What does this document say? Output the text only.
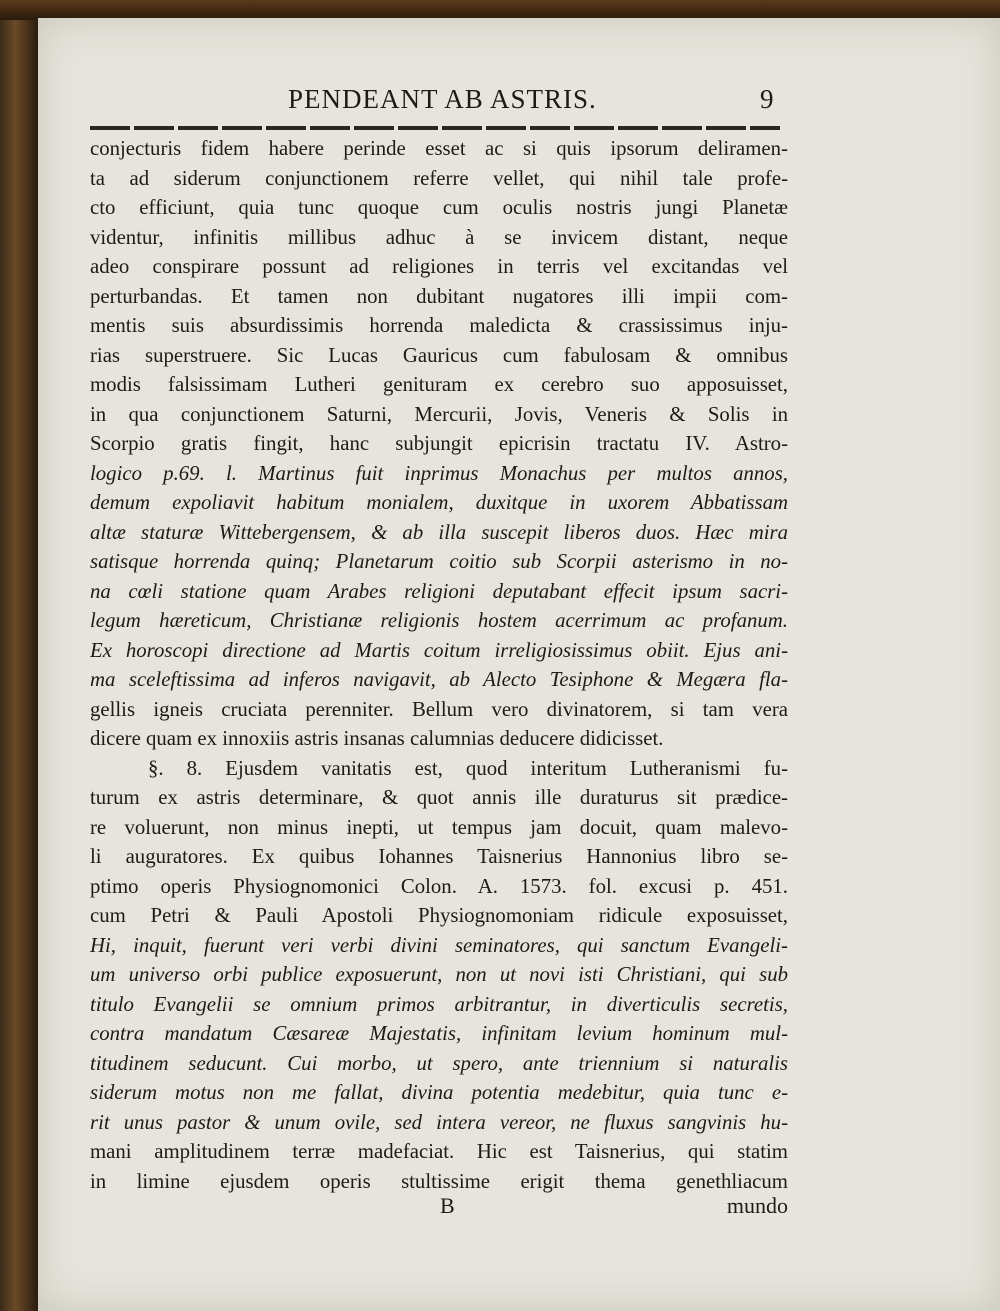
PENDEANT AB ASTRIS.	9
conjecturis fidem habere perinde esset ac si quis ipsorum deliramen-
ta ad siderum conjunctionem referre vellet, qui nihil tale profe-
cto efficiunt, quia tunc quoque cum oculis nostris jungi Planetæ
videntur, infinitis millibus adhuc à se invicem distant, neque
adeo conspirare possunt ad religiones in terris vel excitandas vel
perturbandas. Et tamen non dubitant nugatores illi impii com-
mentis suis absurdissimis horrenda maledicta & crassissimus inju-
rias superstruere. Sic Lucas Gauricus cum fabulosam & omnibus
modis falsissimam Lutheri genituram ex cerebro suo apposuisset,
in qua conjunctionem Saturni, Mercurii, Jovis, Veneris & Solis in
Scorpio gratis fingit, hanc subjungit epicrisin tractatu IV. Astro-
logico p.69. l. Martinus fuit inprimus Monachus per multos annos,
demum expoliavit habitum monialem, duxitque in uxorem Abbatissam
altæ staturæ Wittebergensem, & ab illa suscepit liberos duos. Hæc mira
satisque horrenda quinq; Planetarum coitio sub Scorpii asterismo in no-
na cœli statione quam Arabes religioni deputabant effecit ipsum sacri-
legum hæreticum, Christianæ religionis hostem acerrimum ac profanum.
Ex horoscopi directione ad Martis coitum irreligiosissimus obiit. Ejus ani-
ma sceleftissima ad inferos navigavit, ab Alecto Tesiphone & Megæra fla-
gellis igneis cruciata perenniter. Bellum vero divinatorem, si tam vera
dicere quam ex innoxiis astris insanas calumnias deducere didicisset.
§. 8. Ejusdem vanitatis est, quod interitum Lutheranismi fu-
turum ex astris determinare, & quot annis ille duraturus sit prædice-
re voluerunt, non minus inepti, ut tempus jam docuit, quam malevo-
li auguratores. Ex quibus Iohannes Taisnerius Hannonius libro se-
ptimo operis Physiognomonici Colon. A. 1573. fol. excusi p. 451.
cum Petri & Pauli Apostoli Physiognomoniam ridicule exposuisset,
Hi, inquit, fuerunt veri verbi divini seminatores, qui sanctum Evangeli-
um universo orbi publice exposuerunt, non ut novi isti Christiani, qui sub
titulo Evangelii se omnium primos arbitrantur, in diverticulis secretis,
contra mandatum Cæsareæ Majestatis, infinitam levium hominum mul-
titudinem seducunt. Cui morbo, ut spero, ante triennium si naturalis
siderum motus non me fallat, divina potentia medebitur, quia tunc e-
rit unus pastor & unum ovile, sed intera vereor, ne fluxus sangvinis hu-
mani amplitudinem terræ madefaciat. Hic est Taisnerius, qui statim
in limine ejusdem operis stultissime erigit thema genethliacum
B	mundo
